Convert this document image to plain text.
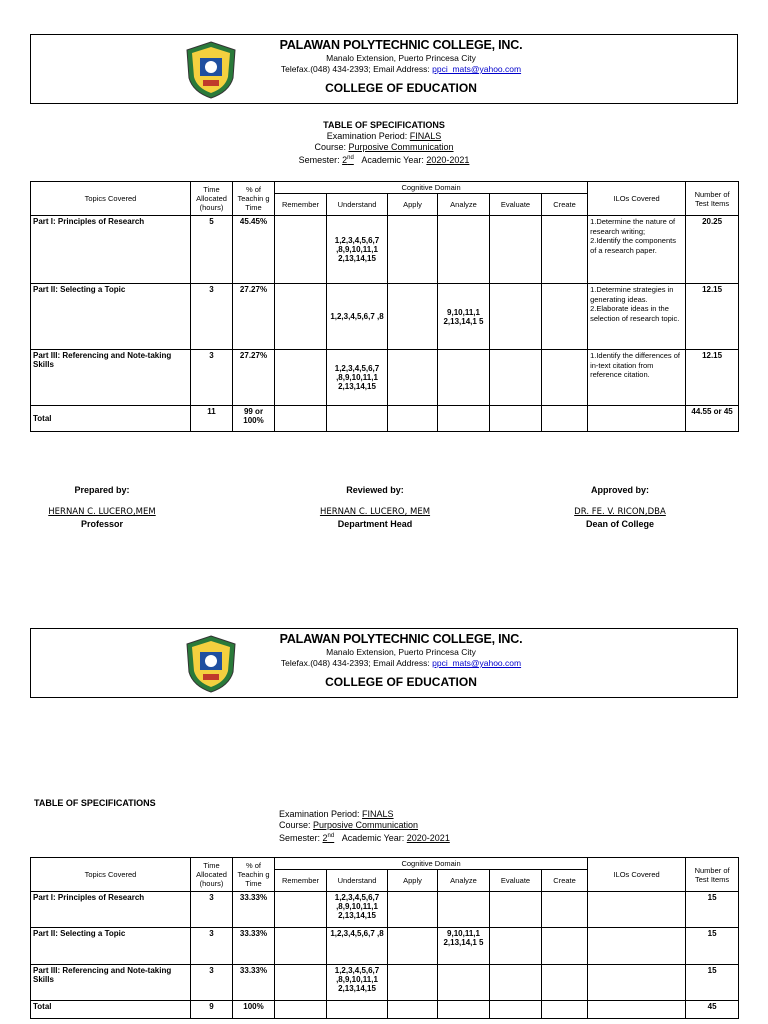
PALAWAN POLYTECHNIC COLLEGE, INC.
Manalo Extension, Puerto Princesa City
Telefax.(048) 434-2393; Email Address: ppci_mats@yahoo.com
COLLEGE OF EDUCATION
TABLE OF SPECIFICATIONS
Examination Period: FINALS
Course: Purposive Communication
Semester: 2nd Academic Year: 2020-2021
Topics Covered	Time Allocated (hours)	% of Teachin g Time	Cognitive Domain						ILOs Covered	Number of Test Items
			Remember	Understand	Apply	Analyze	Evaluate	Create		
Part I: Principles of Research	5	45.45%		1,2,3,4,5,6,7 ,8,9,10,11,1 2,13,14,15					1.Determine the nature of research writing;
2.Identify the components of a research paper.	20.25
Part II: Selecting a Topic	3	27.27%		1,2,3,4,5,6,7 ,8		9,10,11,1 2,13,14,1 5			1.Determine strategies in generating ideas.
2.Elaborate ideas in the selection of research topic.	12.15
Part III: Referencing and Note-taking Skills	3	27.27%		1,2,3,4,5,6,7 ,8,9,10,11,1 2,13,14,15					1.Identify the differences of in-text citation from reference citation.	12.15
Total	11	99 or 100%								44.55 or 45
Prepared by:
HERNAN C. LUCERO,MEM
Professor
Reviewed by:
HERNAN C. LUCERO, MEM
Department Head
Approved by:
DR. FE. V. RICON,DBA
Dean of College
PALAWAN POLYTECHNIC COLLEGE, INC.
Manalo Extension, Puerto Princesa City
Telefax.(048) 434-2393; Email Address: ppci_mats@yahoo.com
COLLEGE OF EDUCATION
TABLE OF SPECIFICATIONS
Examination Period: FINALS
Course: Purposive Communication
Semester: 2nd Academic Year: 2020-2021
Topics Covered	Time Allocated (hours)	% of Teachin g Time	Cognitive Domain						ILOs Covered	Number of Test Items
			Remember	Understand	Apply	Analyze	Evaluate	Create		
Part I: Principles of Research	3	33.33%		1,2,3,4,5,6,7 ,8,9,10,11,1 2,13,14,15						15
Part II: Selecting a Topic	3	33.33%		1,2,3,4,5,6,7 ,8		9,10,11,1 2,13,14,1 5				15
Part III: Referencing and Note-taking Skills	3	33.33%		1,2,3,4,5,6,7 ,8,9,10,11,1 2,13,14,15						15
Total	9	100%								45
